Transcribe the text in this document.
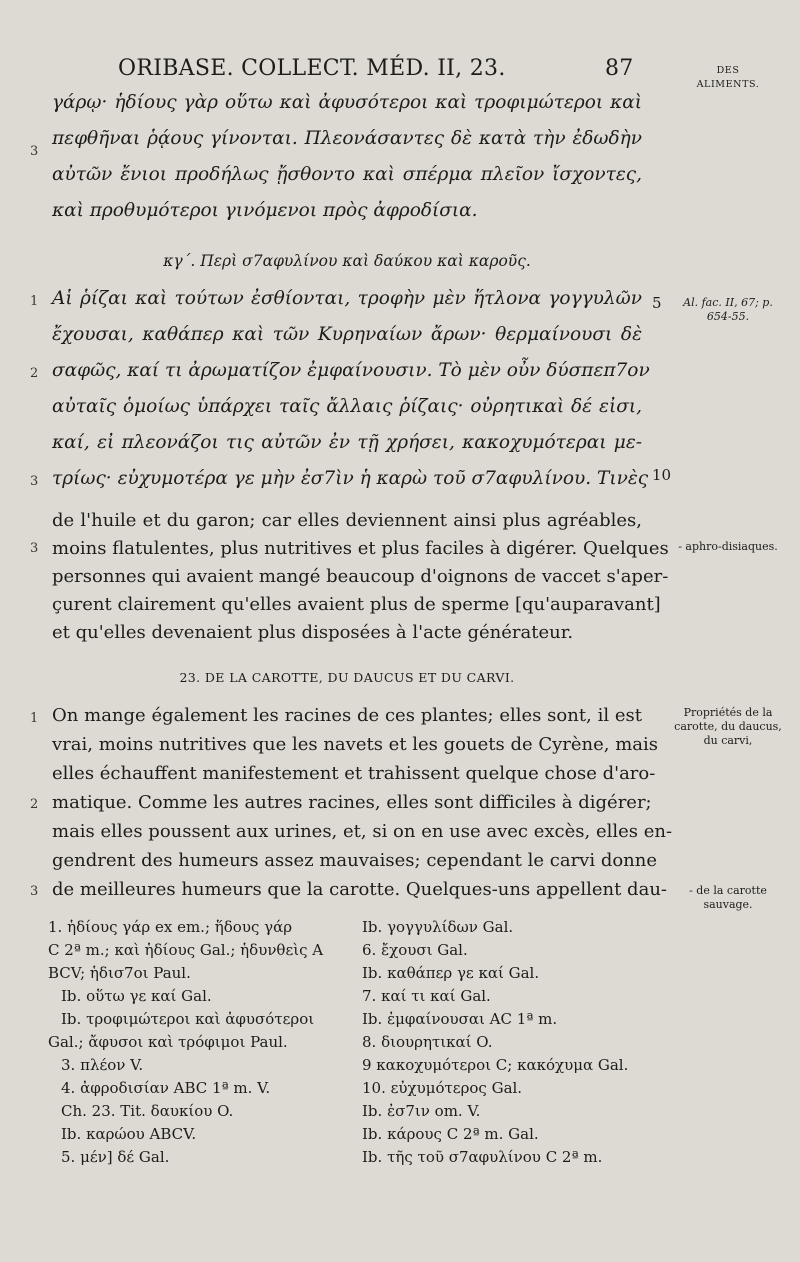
ORIBASE. COLLECT. MÉD. II, 23.	87	DES
ALIMENTS.
γάρῳ· ἡδίους γὰρ οὕτω καὶ ἀφυσότεροι καὶ τροφιμώτεροι καὶ
πεφθῆναι ῥᾴους γίνονται. Πλεονάσαντες δὲ κατὰ τὴν ἐδωδὴν
αὐτῶν ἔνιοι προδήλως ᾔσθοντο καὶ σπέρμα πλεῖον ἴσχοντες,
καὶ προθυμότεροι γινόμενοι πρὸς ἀφροδίσια.
3
κγ΄. Περὶ σ7αφυλίνου καὶ δαύκου καὶ καροῦς.
Αἱ ῥίζαι καὶ τούτων ἐσθίονται, τροφὴν μὲν ἥτλονα γογγυλῶν
ἔχουσαι, καθάπερ καὶ τῶν Κυρηναίων ἄρων· θερμαίνουσι δὲ
σαφῶς, καί τι ἀρωματίζον ἐμφαίνουσιν. Τὸ μὲν οὖν δύσπεπ7ον
αὐταῖς ὁμοίως ὑπάρχει ταῖς ἄλλαις ῥίζαις· οὐρητικαὶ δέ εἰσι,
καί, εἰ πλεονάζοι τις αὐτῶν ἐν τῇ χρήσει, κακοχυμότεραι με-
τρίως· εὐχυμοτέρα γε μὴν ἐσ7ὶν ἡ καρὼ τοῦ σ7αφυλίνου. Τινὲς
1
2
3
5
10
Al. fac. II, 67; p. 654-55.
de l'huile et du garon; car elles deviennent ainsi plus agréables,
moins flatulentes, plus nutritives et plus faciles à digérer. Quelques
personnes qui avaient mangé beaucoup d'oignons de vaccet s'aper-
çurent clairement qu'elles avaient plus de sperme [qu'auparavant]
et qu'elles devenaient plus disposées à l'acte générateur.
3	- aphro-disiaques.
23. DE LA CAROTTE, DU DAUCUS ET DU CARVI.
On mange également les racines de ces plantes; elles sont, il est
vrai, moins nutritives que les navets et les gouets de Cyrène, mais
elles échauffent manifestement et trahissent quelque chose d'aro-
matique. Comme les autres racines, elles sont difficiles à digérer;
mais elles poussent aux urines, et, si on en use avec excès, elles en-
gendrent des humeurs assez mauvaises; cependant le carvi donne
de meilleures humeurs que la carotte. Quelques-uns appellent dau-
1
2
3
Propriétés de la carotte, du daucus, du carvi,
- de la carotte sauvage.
1. ἡδίους γάρ ex em.; ἥδους γάρ
C 2ª m.; καὶ ἡδίους Gal.; ἡδυνθεὶς A
BCV; ἡδισ7οι Paul.
Ib. οὕτω γε καί Gal.
Ib. τροφιμώτεροι καὶ ἀφυσότεροι
Gal.; ἄφυσοι καὶ τρόφιμοι Paul.
3. πλέον V.
4. ἀφροδισίαν ABC 1ª m. V.
Ch. 23. Tit. δαυκίου O.
Ib. καρώου ABCV.
5. μέν] δέ Gal.
Ib. γογγυλίδων Gal.
6. ἔχουσι Gal.
Ib. καθάπερ γε καί Gal.
7. καί τι καί Gal.
Ib. ἐμφαίνουσαι AC 1ª m.
8. διουρητικαί O.
9 κακοχυμότεροι C; κακόχυμα Gal.
10. εὐχυμότερος Gal.
Ib. ἐσ7ιν om. V.
Ib. κάρους C 2ª m. Gal.
Ib. τῆς τοῦ σ7αφυλίνου C 2ª m.
